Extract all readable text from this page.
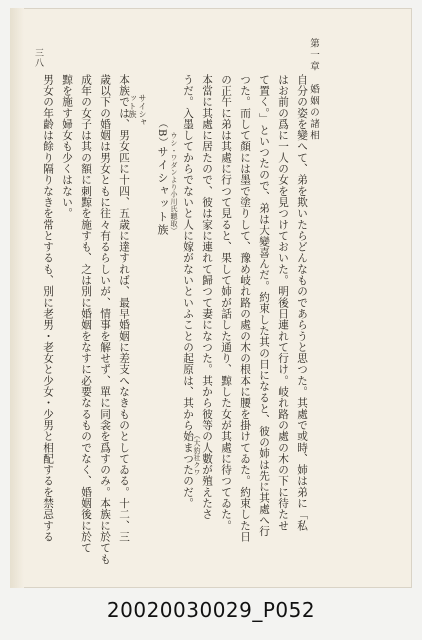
第一章　婚姻の諸相

三八

自分の姿を變へて、弟を欺いたらどんなものであらうと思つた。其處で或時、姉は弟に「私

はお前の爲に一人の女を見つけておいた。明後日連れて行け。岐れ路の處の木の下に待たせ

て置く。」といつたので、弟は大變喜んだ。約束した其の日になると、彼の姉は先に其處へ行

つた。而して顏には墨で塗りして、豫め岐れ路の處の木の根本に腰を掛けてゐた。約束した日

の正午に弟は其處に行つて見ると、果して姉が話した通り、黥した女が其處に待つてゐた。

本當に其處に居たので、彼は家に連れて歸つて妻になつた。其から彼等の人數が殖えたさ

うだ。入墨してからでないと人に嫁がないといふことの起原は、其から始まつたのだ。 （大豹社クワ

ウシ・ワダンより小川氏聽取）

サイシャ

ット族

（B）

サイシャット族

本族では、男女匹に十四、五歳に達すれば、最早婚姻に差支へなきものとしてゐる。十二、三

歳以下の婚姻は男女ともに往々有るらしいが、情事を解せず、單に同衾を爲すのみ。本族に於ても

成年の女子は其の額に刺黥を施すも、之は別に婚姻をなすに必要なるものでなく、婚姻後に於て

黥を施す婦女も少くはない。

男女の年齡は餘り隔りなきを常とするも、別に老男・老女と少女・少男と相配するを禁忌する

20020030029_P052
